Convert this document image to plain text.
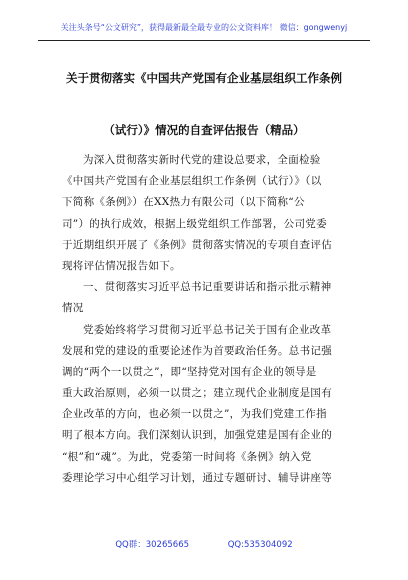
关注头条号“公文研究”，获得最新最全最专业的公文资料库！ 微信：gongwenyj
关于贯彻落实《中国共产党国有企业基层组织工作条例
（试行）》情况的自查评估报告（精品）
为深入贯彻落实新时代党的建设总要求，全面检验
《中国共产党国有企业基层组织工作条例（试行）》（以
下简称《条例》）在XX热力有限公司（以下简称“公
司”）的执行成效，根据上级党组织工作部署，公司党委
于近期组织开展了《条例》贯彻落实情况的专项自查评估
现将评估情况报告如下。
一、贯彻落实习近平总书记重要讲话和指示批示精神
情况
党委始终将学习贯彻习近平总书记关于国有企业改革
发展和党的建设的重要论述作为首要政治任务。总书记强
调的“两个一以贯之”，即“坚持党对国有企业的领导是
重大政治原则，必须一以贯之；建立现代企业制度是国有
企业改革的方向，也必须一以贯之”，为我们党建工作指
明了根本方向。我们深刻认识到，加强党建是国有企业的
“根”和“魂”。为此，党委第一时间将《条例》纳入党
委理论学习中心组学习计划，通过专题研讨、辅导讲座等
QQ群：30265665	QQ:535304092
